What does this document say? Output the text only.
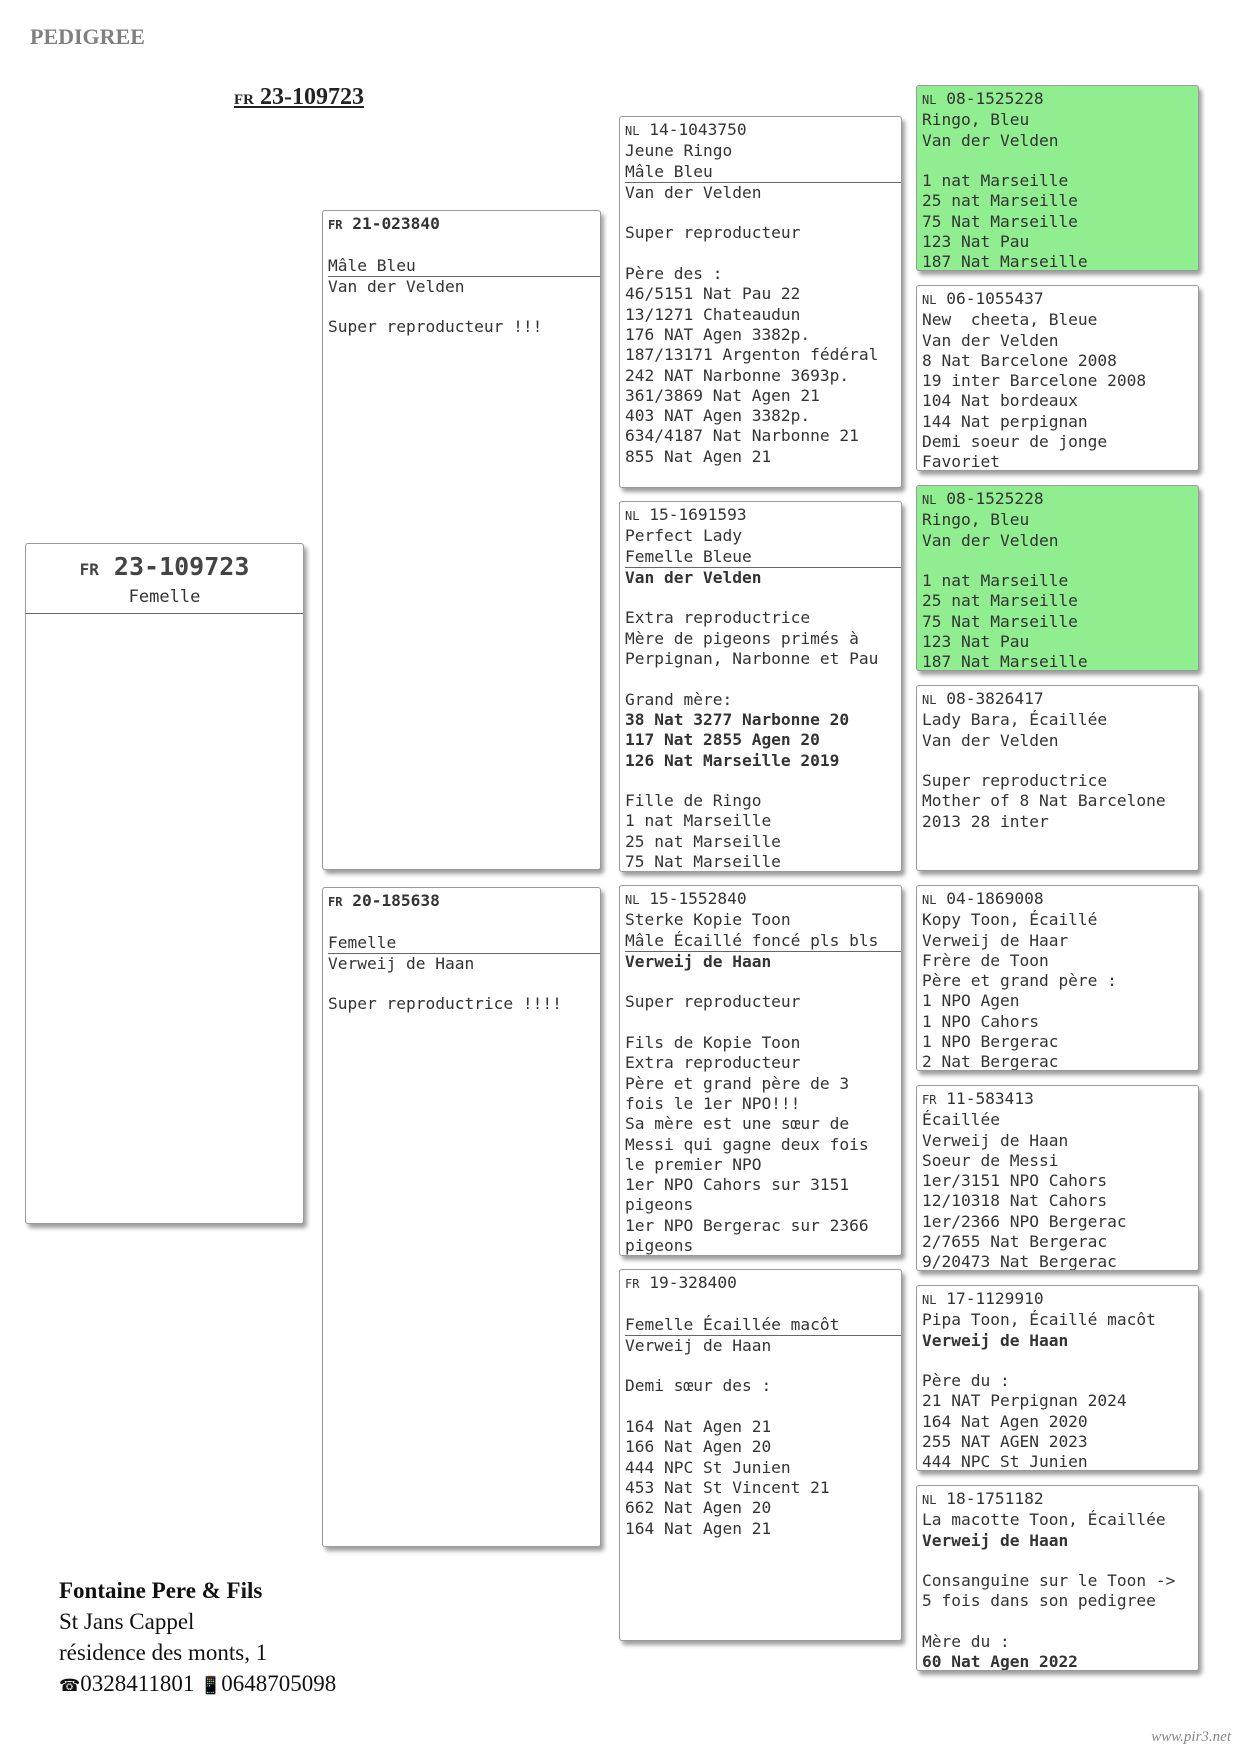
PEDIGREE
FR 23-109723
FR 23-109723
Femelle
FR 21-023840
Mâle Bleu
Van der Velden
Super reproducteur !!!
FR 20-185638
Femelle
Verweij de Haan
Super reproductrice !!!!
NL 14-1043750
Jeune Ringo
Mâle Bleu
Van der Velden
Super reproducteur
Père des :
46/5151 Nat Pau 22
13/1271 Chateaudun
176 NAT Agen 3382p.
187/13171 Argenton fédéral
242 NAT Narbonne 3693p.
361/3869 Nat Agen 21
403 NAT Agen 3382p.
634/4187 Nat Narbonne 21
855 Nat Agen 21
NL 15-1691593
Perfect Lady
Femelle Bleue
Van der Velden
Extra reproductrice
Mère de pigeons primés à
Perpignan, Narbonne et Pau
Grand mère:
38 Nat 3277 Narbonne 20
117 Nat 2855 Agen 20
126 Nat Marseille 2019
Fille de Ringo
1 nat Marseille
25 nat Marseille
75 Nat Marseille
NL 15-1552840
Sterke Kopie Toon
Mâle Écaillé foncé pls bls
Verweij de Haan
Super reproducteur
Fils de Kopie Toon
Extra reproducteur
Père et grand père de 3
fois le 1er NPO!!!
Sa mère est une sœur de
Messi qui gagne deux fois
le premier NPO
1er NPO Cahors sur 3151
pigeons
1er NPO Bergerac sur 2366
pigeons
FR 19-328400
Femelle Écaillée macôt
Verweij de Haan
Demi sœur des :
164 Nat Agen 21
166 Nat Agen 20
444 NPC St Junien
453 Nat St Vincent 21
662 Nat Agen 20
164 Nat Agen 21
NL 08-1525228
Ringo, Bleu
Van der Velden
1 nat Marseille
25 nat Marseille
75 Nat Marseille
123 Nat Pau
187 Nat Marseille
NL 06-1055437
New  cheeta, Bleue
Van der Velden
8 Nat Barcelone 2008
19 inter Barcelone 2008
104 Nat bordeaux
144 Nat perpignan
Demi soeur de jonge
Favoriet
NL 08-1525228
Ringo, Bleu
Van der Velden
1 nat Marseille
25 nat Marseille
75 Nat Marseille
123 Nat Pau
187 Nat Marseille
NL 08-3826417
Lady Bara, Écaillée
Van der Velden
Super reproductrice
Mother of 8 Nat Barcelone
2013 28 inter
NL 04-1869008
Kopy Toon, Écaillé
Verweij de Haar
Frère de Toon
Père et grand père :
1 NPO Agen
1 NPO Cahors
1 NPO Bergerac
2 Nat Bergerac
FR 11-583413
Écaillée
Verweij de Haan
Soeur de Messi
1er/3151 NPO Cahors
12/10318 Nat Cahors
1er/2366 NPO Bergerac
2/7655 Nat Bergerac
9/20473 Nat Bergerac
NL 17-1129910
Pipa Toon, Écaillé macôt
Verweij de Haan
Père du :
21 NAT Perpignan 2024
164 Nat Agen 2020
255 NAT AGEN 2023
444 NPC St Junien
NL 18-1751182
La macotte Toon, Écaillée
Verweij de Haan
Consanguine sur le Toon ->
5 fois dans son pedigree
Mère du :
60 Nat Agen 2022
Fontaine Pere & Fils
St Jans Cappel
résidence des monts, 1
☎0328411801 📱0648705098
www.pir3.net
